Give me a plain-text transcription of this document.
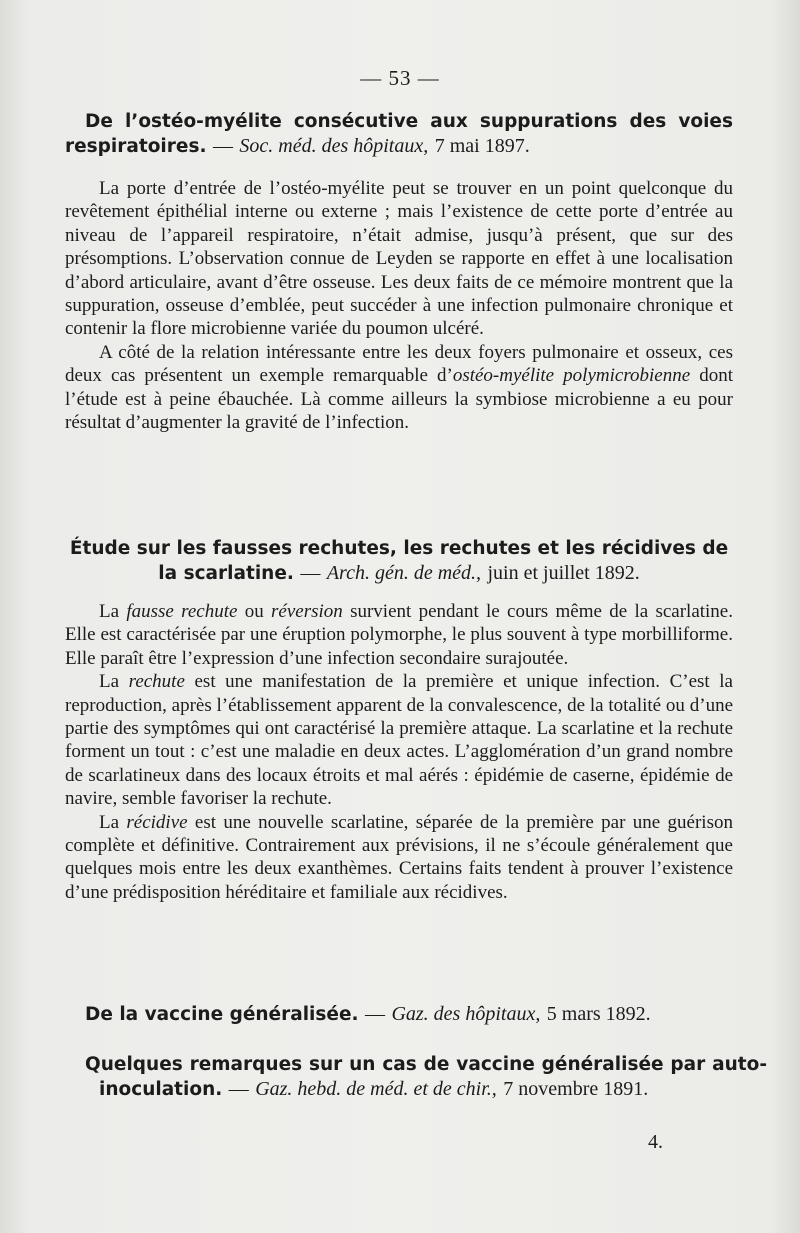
— 53 —
De l’ostéo-myélite consécutive aux suppurations des voies respiratoires. — Soc. méd. des hôpitaux, 7 mai 1897.

La porte d’entrée de l’ostéo-myélite peut se trouver en un point quelconque du revêtement épithélial interne ou externe ; mais l’existence de cette porte d’entrée au niveau de l’appareil respiratoire, n’était admise, jusqu’à présent, que sur des présomptions. L’observation connue de Leyden se rapporte en effet à une localisation d’abord articulaire, avant d’être osseuse. Les deux faits de ce mémoire montrent que la suppuration, osseuse d’emblée, peut succéder à une infection pulmonaire chronique et contenir la flore microbienne variée du poumon ulcéré.

A côté de la relation intéressante entre les deux foyers pulmonaire et osseux, ces deux cas présentent un exemple remarquable d’ostéo-myélite polymicrobienne dont l’étude est à peine ébauchée. Là comme ailleurs la symbiose microbienne a eu pour résultat d’augmenter la gravité de l’infection.

Étude sur les fausses rechutes, les rechutes et les récidives de la scarlatine. — Arch. gén. de méd., juin et juillet 1892.

La fausse rechute ou réversion survient pendant le cours même de la scarlatine. Elle est caractérisée par une éruption polymorphe, le plus souvent à type morbilliforme. Elle paraît être l’expression d’une infection secondaire surajoutée.

La rechute est une manifestation de la première et unique infection. C’est la reproduction, après l’établissement apparent de la convalescence, de la totalité ou d’une partie des symptômes qui ont caractérisé la première attaque. La scarlatine et la rechute forment un tout : c’est une maladie en deux actes. L’agglomération d’un grand nombre de scarlatineux dans des locaux étroits et mal aérés : épidémie de caserne, épidémie de navire, semble favoriser la rechute.

La récidive est une nouvelle scarlatine, séparée de la première par une guérison complète et définitive. Contrairement aux prévisions, il ne s’écoule généralement que quelques mois entre les deux exanthèmes. Certains faits tendent à prouver l’existence d’une prédisposition héréditaire et familiale aux récidives.

De la vaccine généralisée. — Gaz. des hôpitaux, 5 mars 1892.
Quelques remarques sur un cas de vaccine généralisée par auto-inoculation. — Gaz. hebd. de méd. et de chir., 7 novembre 1891.
4.
